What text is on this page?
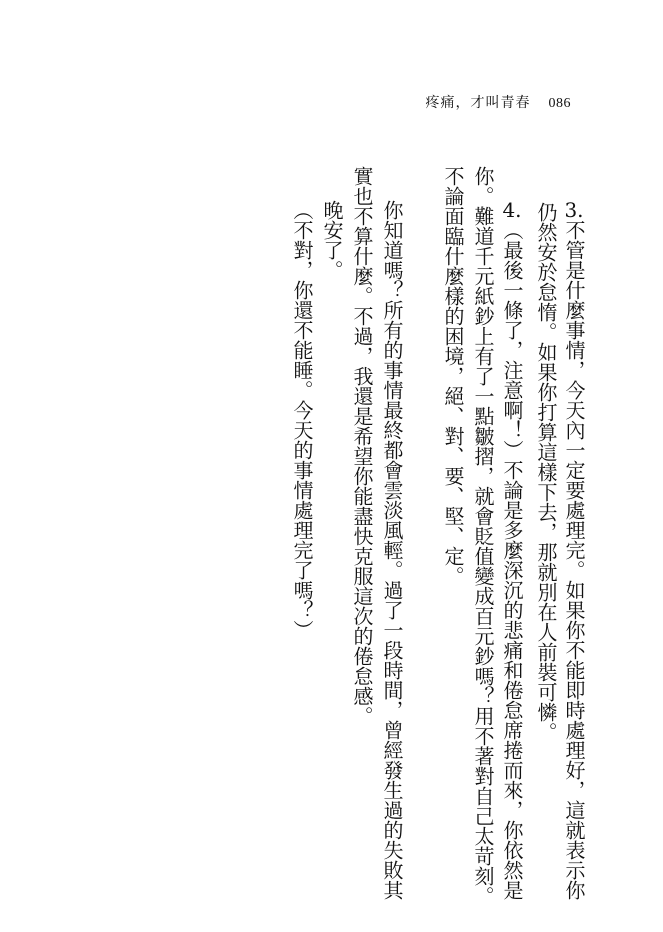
疼痛，才叫青春 086
3.不管是什麼事情，今天內一定要處理完。如果你不能即時處理好，這就表示你
仍然安於怠惰。如果你打算這樣下去，那就別在人前裝可憐。
4.（最後一條了，注意啊！）不論是多麼深沉的悲痛和倦怠席捲而來，你依然是
你。難道千元紙鈔上有了一點皺摺，就會貶值變成百元鈔嗎？用不著對自己太苛刻。
不論面臨什麼樣的困境，絕、對、要、堅、定。
你知道嗎？所有的事情最終都會雲淡風輕。過了一段時間，曾經發生過的失敗其
實也不算什麼。不過，我還是希望你能盡快克服這次的倦怠感。
晚安了。
（不對，你還不能睡。今天的事情處理完了嗎？）
